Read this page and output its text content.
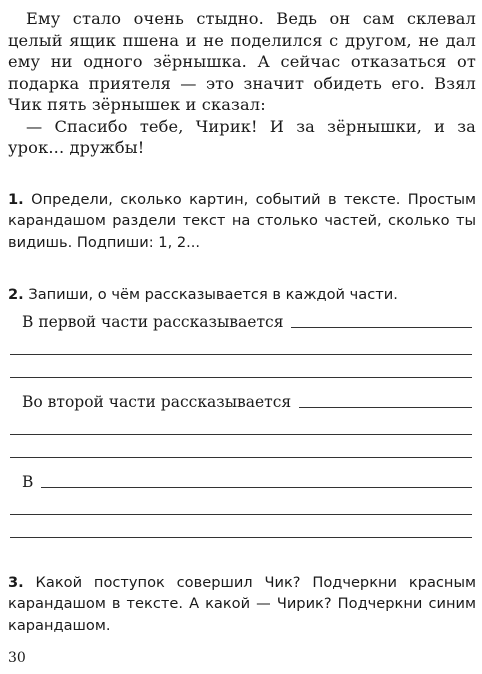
Ему стало очень стыдно. Ведь он сам склевал целый ящик пшена и не поделился с другом, не дал ему ни одного зёрнышка. А сейчас отказаться от подарка приятеля — это значит обидеть его. Взял Чик пять зёрнышек и сказал:

— Спасибо тебе, Чирик! И за зёрнышки, и за урок... дружбы!

1. Определи, сколько картин, событий в тексте. Простым карандашом раздели текст на столько частей, сколько ты видишь. Подпиши: 1, 2...

2. Запиши, о чём рассказывается в каждой части.

В первой части рассказывается
Во второй части рассказывается
В

3. Какой поступок совершил Чик? Подчеркни красным карандашом в тексте. А какой — Чирик? Подчеркни синим карандашом.

30
